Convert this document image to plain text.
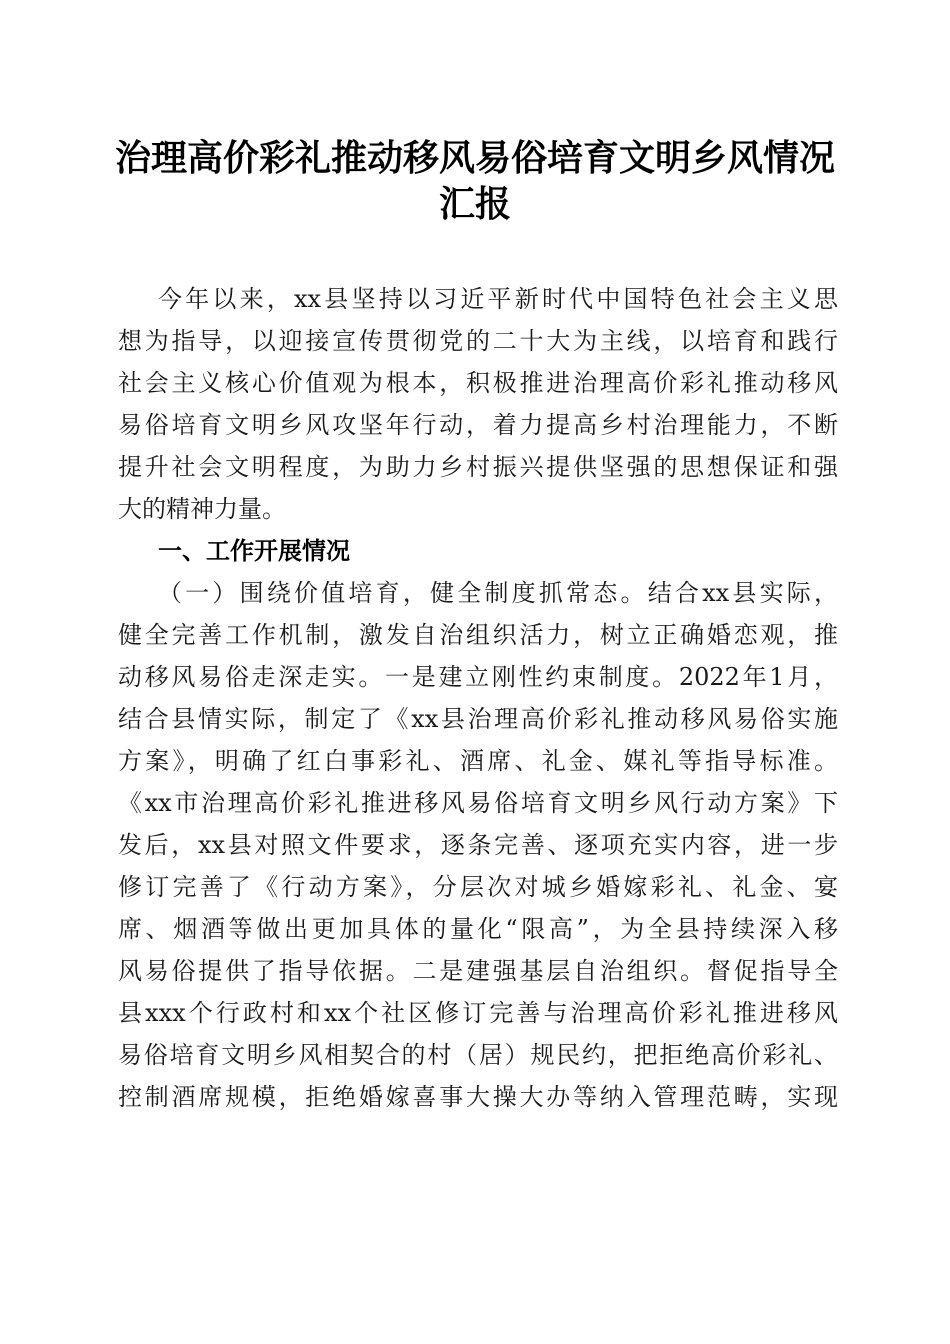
治理高价彩礼推动移风易俗培育文明乡风情况
汇报
今年以来，xx县坚持以习近平新时代中国特色社会主义思
想为指导，以迎接宣传贯彻党的二十大为主线，以培育和践行
社会主义核心价值观为根本，积极推进治理高价彩礼推动移风
易俗培育文明乡风攻坚年行动，着力提高乡村治理能力，不断
提升社会文明程度，为助力乡村振兴提供坚强的思想保证和强
大的精神力量。
一、工作开展情况
（一）围绕价值培育，健全制度抓常态。结合xx县实际，
健全完善工作机制，激发自治组织活力，树立正确婚恋观，推
动移风易俗走深走实。一是建立刚性约束制度。2022年1月，
结合县情实际，制定了《xx县治理高价彩礼推动移风易俗实施
方案》，明确了红白事彩礼、酒席、礼金、媒礼等指导标准。
《xx市治理高价彩礼推进移风易俗培育文明乡风行动方案》下
发后，xx县对照文件要求，逐条完善、逐项充实内容，进一步
修订完善了《行动方案》，分层次对城乡婚嫁彩礼、礼金、宴
席、烟酒等做出更加具体的量化“限高”，为全县持续深入移
风易俗提供了指导依据。二是建强基层自治组织。督促指导全
县xxx个行政村和xx个社区修订完善与治理高价彩礼推进移风
易俗培育文明乡风相契合的村（居）规民约，把拒绝高价彩礼、
控制酒席规模，拒绝婚嫁喜事大操大办等纳入管理范畴，实现
